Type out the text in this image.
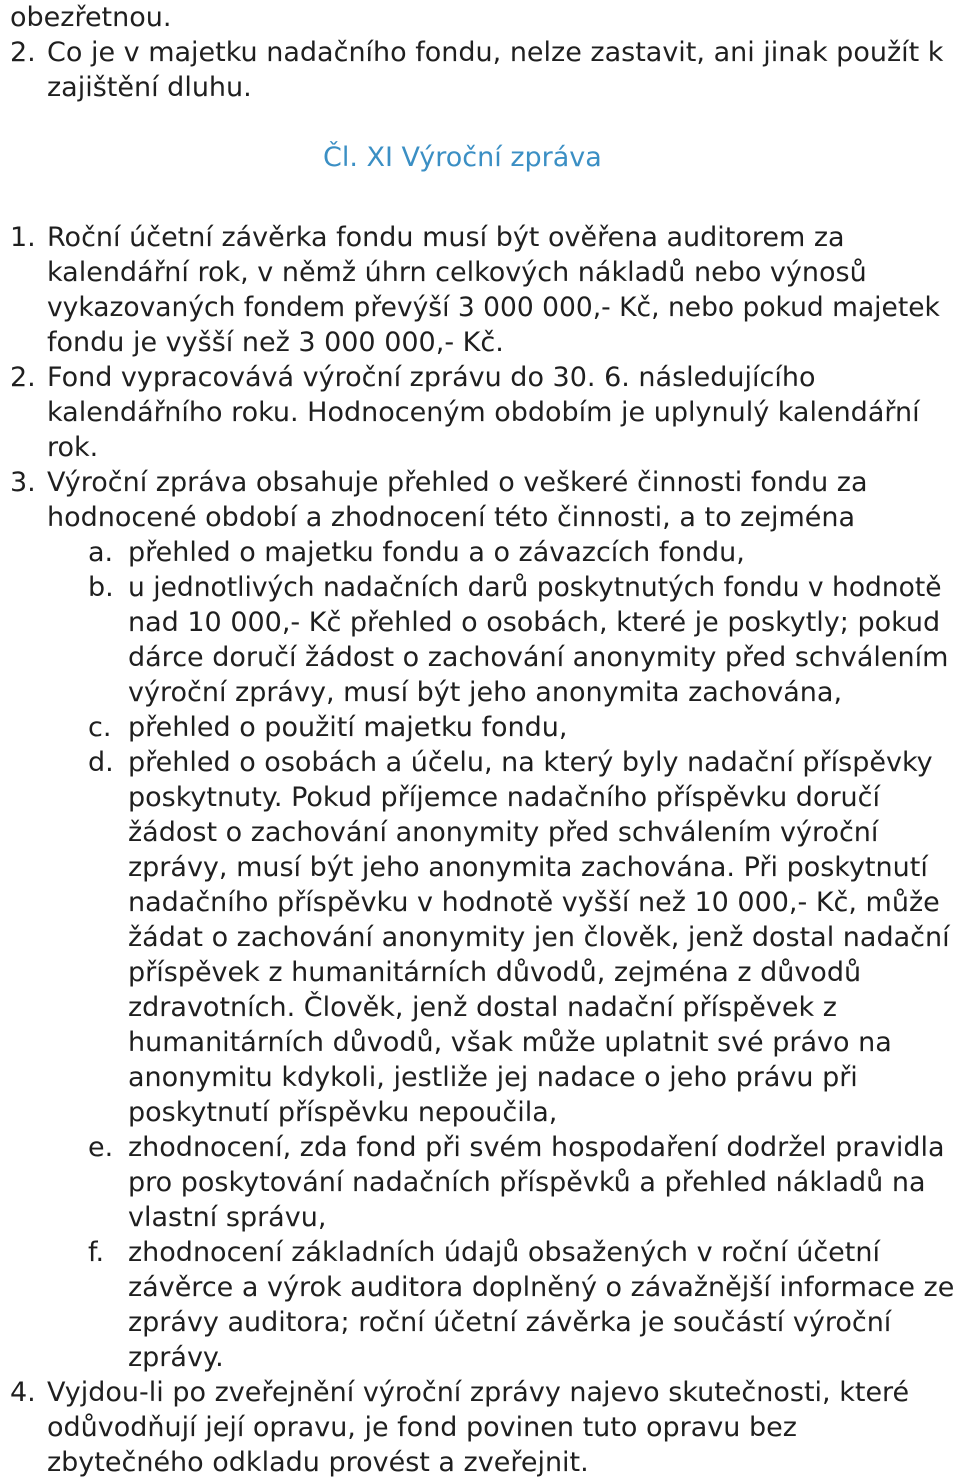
obezřetnou.
2. Co je v majetku nadačního fondu, nelze zastavit, ani jinak použít k
zajištění dluhu.
Čl. XI Výroční zpráva
1. Roční účetní závěrka fondu musí být ověřena auditorem za
kalendářní rok, v němž úhrn celkových nákladů nebo výnosů
vykazovaných fondem převýší 3 000 000,- Kč, nebo pokud majetek
fondu je vyšší než 3 000 000,- Kč.
2. Fond vypracovává výroční zprávu do 30. 6. následujícího
kalendářního roku. Hodnoceným obdobím je uplynulý kalendářní
rok.
3. Výroční zpráva obsahuje přehled o veškeré činnosti fondu za
hodnocené období a zhodnocení této činnosti, a to zejména
a. přehled o majetku fondu a o závazcích fondu,
b. u jednotlivých nadačních darů poskytnutých fondu v hodnotě
nad 10 000,- Kč přehled o osobách, které je poskytly; pokud
dárce doručí žádost o zachování anonymity před schválením
výroční zprávy, musí být jeho anonymita zachována,
c. přehled o použití majetku fondu,
d. přehled o osobách a účelu, na který byly nadační příspěvky
poskytnuty. Pokud příjemce nadačního příspěvku doručí
žádost o zachování anonymity před schválením výroční
zprávy, musí být jeho anonymita zachována. Při poskytnutí
nadačního příspěvku v hodnotě vyšší než 10 000,- Kč, může
žádat o zachování anonymity jen člověk, jenž dostal nadační
příspěvek z humanitárních důvodů, zejména z důvodů
zdravotních. Člověk, jenž dostal nadační příspěvek z
humanitárních důvodů, však může uplatnit své právo na
anonymitu kdykoli, jestliže jej nadace o jeho právu při
poskytnutí příspěvku nepoučila,
e. zhodnocení, zda fond při svém hospodaření dodržel pravidla
pro poskytování nadačních příspěvků a přehled nákladů na
vlastní správu,
f. zhodnocení základních údajů obsažených v roční účetní
závěrce a výrok auditora doplněný o závažnější informace ze
zprávy auditora; roční účetní závěrka je součástí výroční
zprávy.
4. Vyjdou-li po zveřejnění výroční zprávy najevo skutečnosti, které
odůvodňují její opravu, je fond povinen tuto opravu bez
zbytečného odkladu provést a zveřejnit.
